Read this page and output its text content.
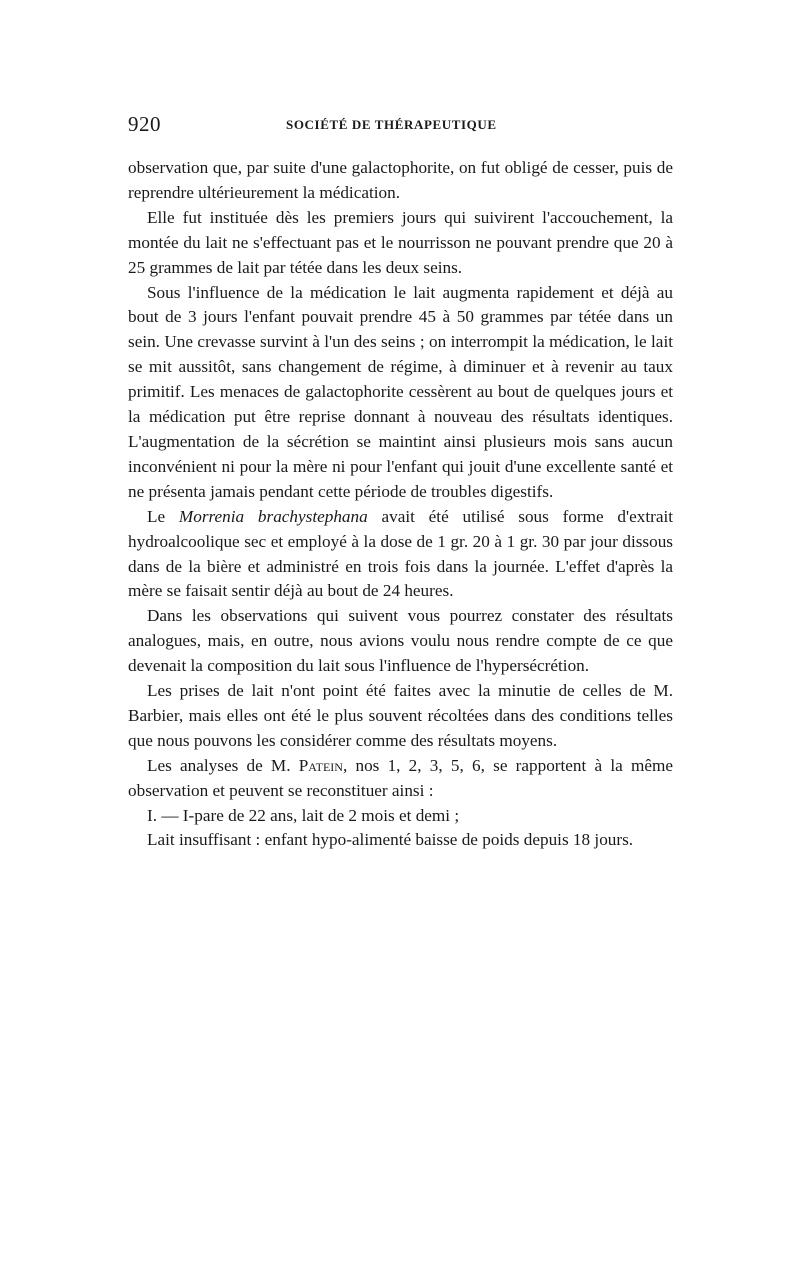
920	SOCIÉTÉ DE THÉRAPEUTIQUE

observation que, par suite d'une galactophorite, on fut obligé de cesser, puis de reprendre ultérieurement la médication.

Elle fut instituée dès les premiers jours qui suivirent l'accouchement, la montée du lait ne s'effectuant pas et le nourrisson ne pouvant prendre que 20 à 25 grammes de lait par tétée dans les deux seins.

Sous l'influence de la médication le lait augmenta rapidement et déjà au bout de 3 jours l'enfant pouvait prendre 45 à 50 grammes par tétée dans un sein. Une crevasse survint à l'un des seins ; on interrompit la médication, le lait se mit aussitôt, sans changement de régime, à diminuer et à revenir au taux primitif. Les menaces de galactophorite cessèrent au bout de quelques jours et la médication put être reprise donnant à nouveau des résultats identiques. L'augmentation de la sécrétion se maintint ainsi plusieurs mois sans aucun inconvénient ni pour la mère ni pour l'enfant qui jouit d'une excellente santé et ne présenta jamais pendant cette période de troubles digestifs.

Le Morrenia brachystephana avait été utilisé sous forme d'extrait hydroalcoolique sec et employé à la dose de 1 gr. 20 à 1 gr. 30 par jour dissous dans de la bière et administré en trois fois dans la journée. L'effet d'après la mère se faisait sentir déjà au bout de 24 heures.

Dans les observations qui suivent vous pourrez constater des résultats analogues, mais, en outre, nous avions voulu nous rendre compte de ce que devenait la composition du lait sous l'influence de l'hypersécrétion.

Les prises de lait n'ont point été faites avec la minutie de celles de M. Barbier, mais elles ont été le plus souvent récoltées dans des conditions telles que nous pouvons les considérer comme des résultats moyens.

Les analyses de M. Patein, nos 1, 2, 3, 5, 6, se rapportent à la même observation et peuvent se reconstituer ainsi :

I. — I-pare de 22 ans, lait de 2 mois et demi ;

Lait insuffisant : enfant hypo-alimenté baisse de poids depuis 18 jours.
